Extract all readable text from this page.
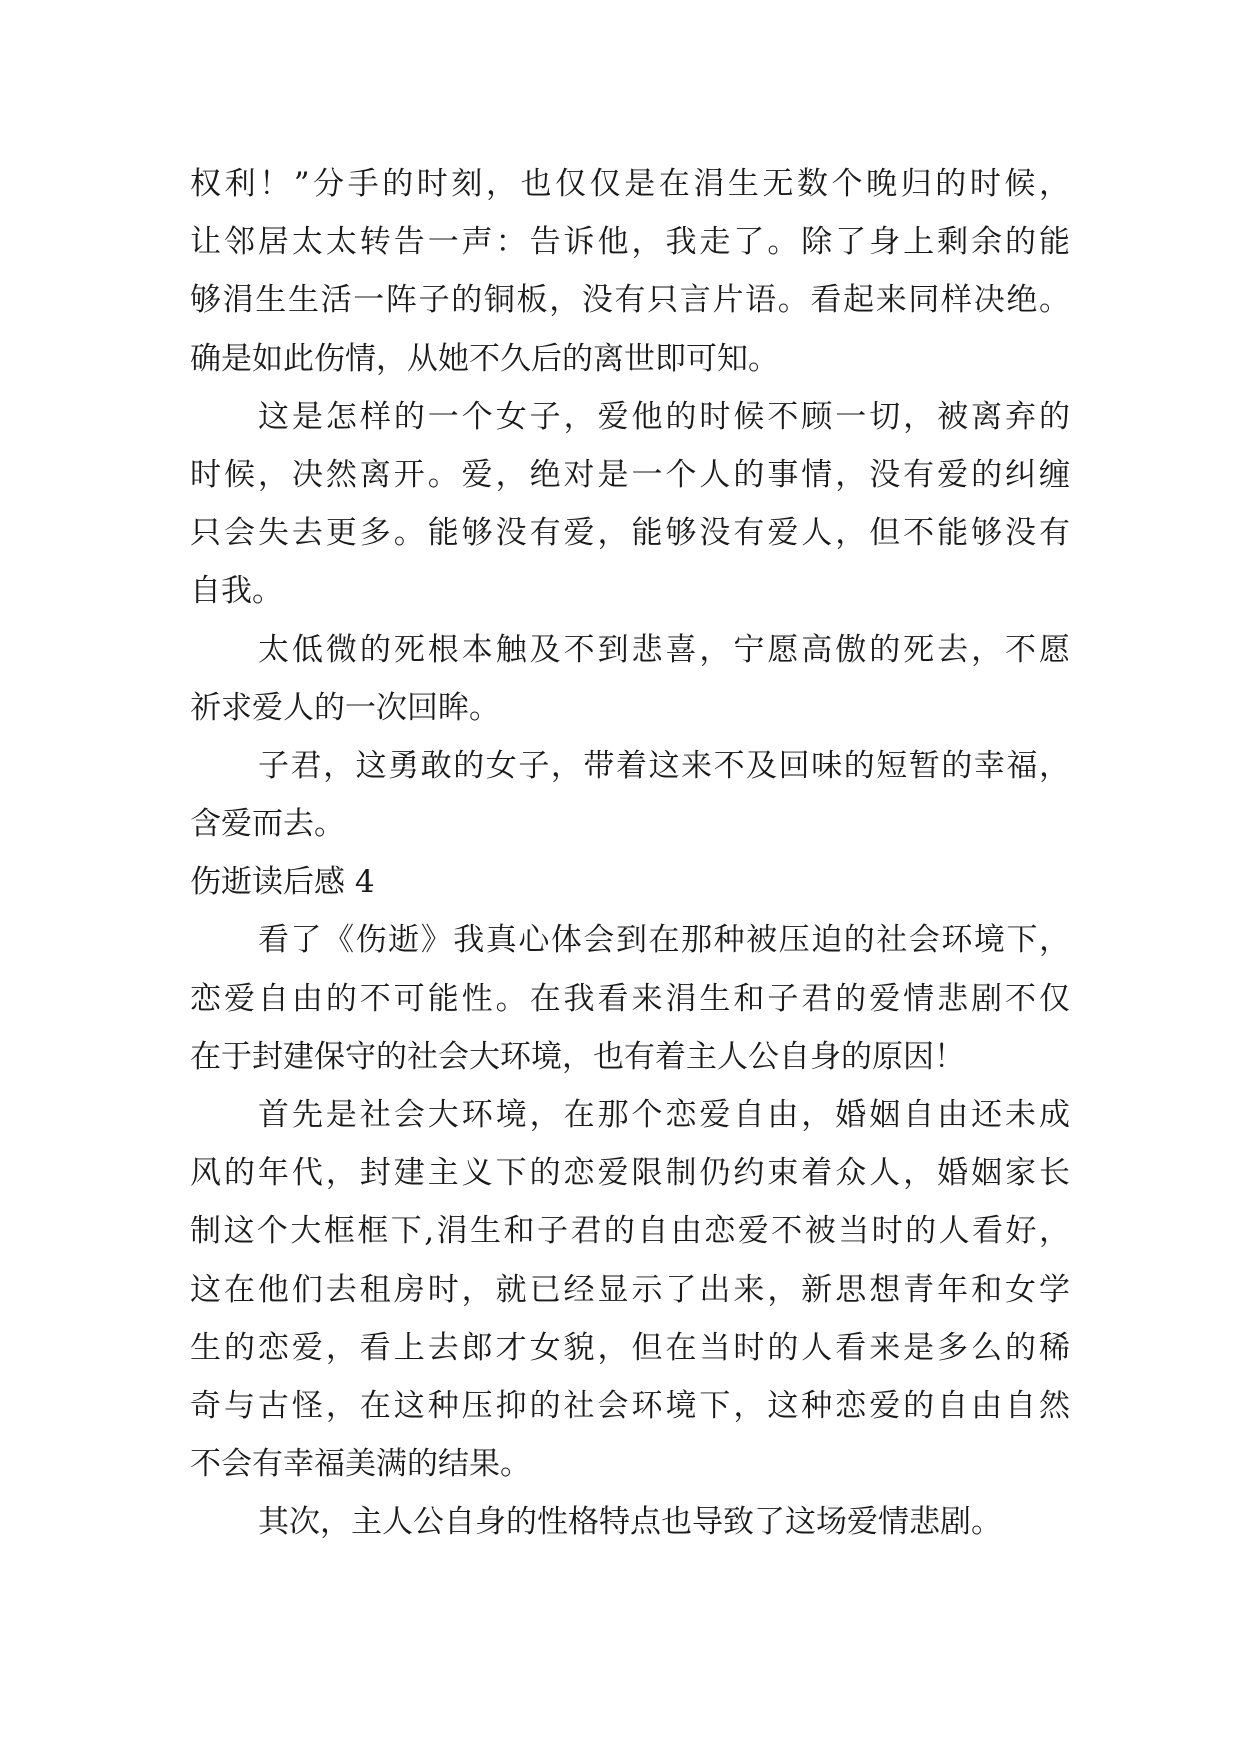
权利！”分手的时刻，也仅仅是在涓生无数个晚归的时候，
让邻居太太转告一声：告诉他，我走了。除了身上剩余的能
够涓生生活一阵子的铜板，没有只言片语。看起来同样决绝。
确是如此伤情，从她不久后的离世即可知。
这是怎样的一个女子，爱他的时候不顾一切，被离弃的
时候，决然离开。爱，绝对是一个人的事情，没有爱的纠缠
只会失去更多。能够没有爱，能够没有爱人，但不能够没有
自我。
太低微的死根本触及不到悲喜，宁愿高傲的死去，不愿
祈求爱人的一次回眸。
子君，这勇敢的女子，带着这来不及回味的短暂的幸福，
含爱而去。
伤逝读后感 4
看了《伤逝》我真心体会到在那种被压迫的社会环境下，
恋爱自由的不可能性。在我看来涓生和子君的爱情悲剧不仅
在于封建保守的社会大环境，也有着主人公自身的原因！
首先是社会大环境，在那个恋爱自由，婚姻自由还未成
风的年代，封建主义下的恋爱限制仍约束着众人，婚姻家长
制这个大框框下,涓生和子君的自由恋爱不被当时的人看好，
这在他们去租房时，就已经显示了出来，新思想青年和女学
生的恋爱，看上去郎才女貌，但在当时的人看来是多么的稀
奇与古怪，在这种压抑的社会环境下，这种恋爱的自由自然
不会有幸福美满的结果。
其次，主人公自身的性格特点也导致了这场爱情悲剧。
